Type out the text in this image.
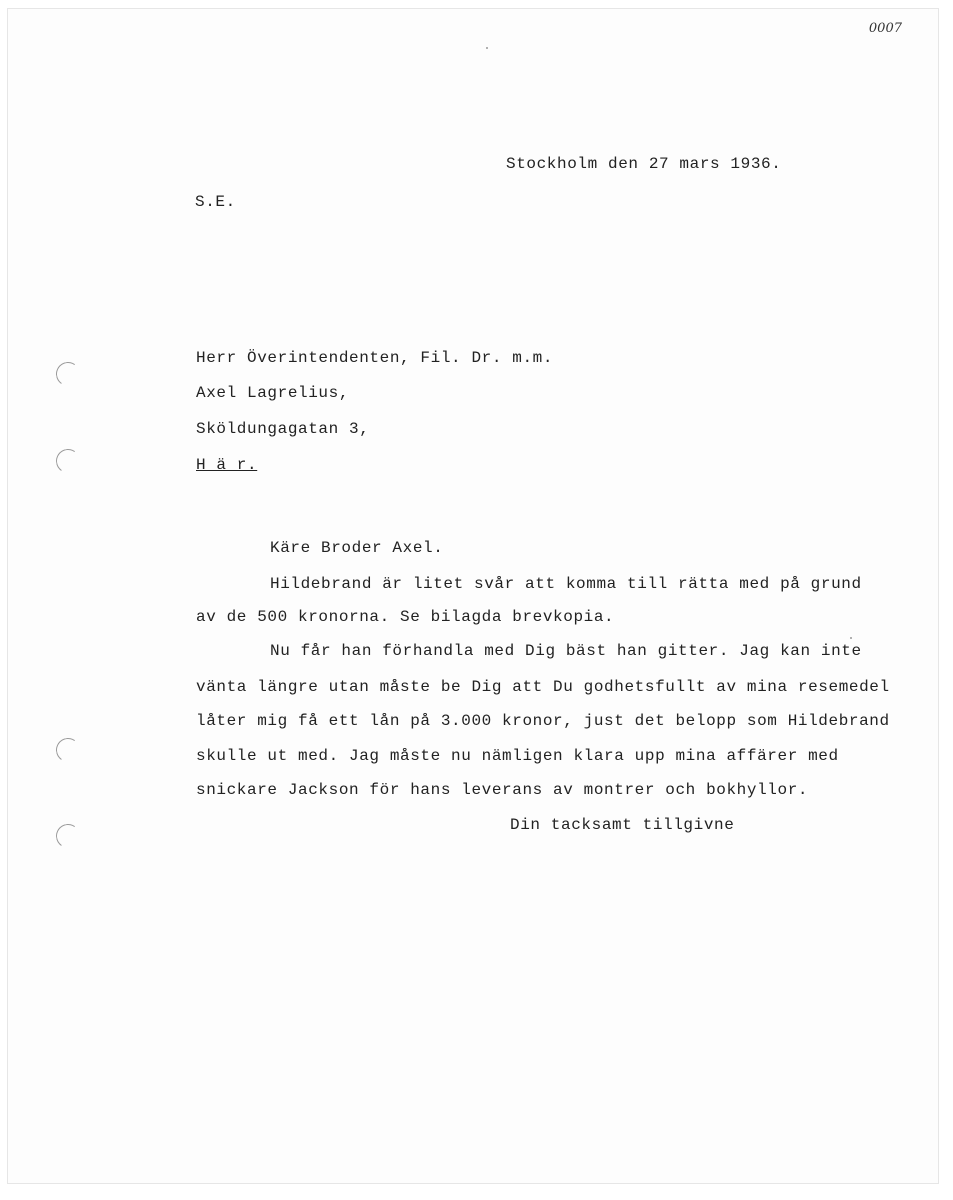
0007
Stockholm den 27 mars 1936.
S.E.
Herr Överintendenten, Fil. Dr. m.m.
Axel Lagrelius,
Sköldungagatan 3,
H ä r.
Käre Broder Axel.
Hildebrand är litet svår att komma till rätta med på grund
av de 500 kronorna. Se bilagda brevkopia.
Nu får han förhandla med Dig bäst han gitter. Jag kan inte
vänta längre utan måste be Dig att Du godhetsfullt av mina resemedel
låter mig få ett lån på 3.000 kronor, just det belopp som Hildebrand
skulle ut med. Jag måste nu nämligen klara upp mina affärer med
snickare Jackson för hans leverans av montrer och bokhyllor.
Din tacksamt tillgivne
